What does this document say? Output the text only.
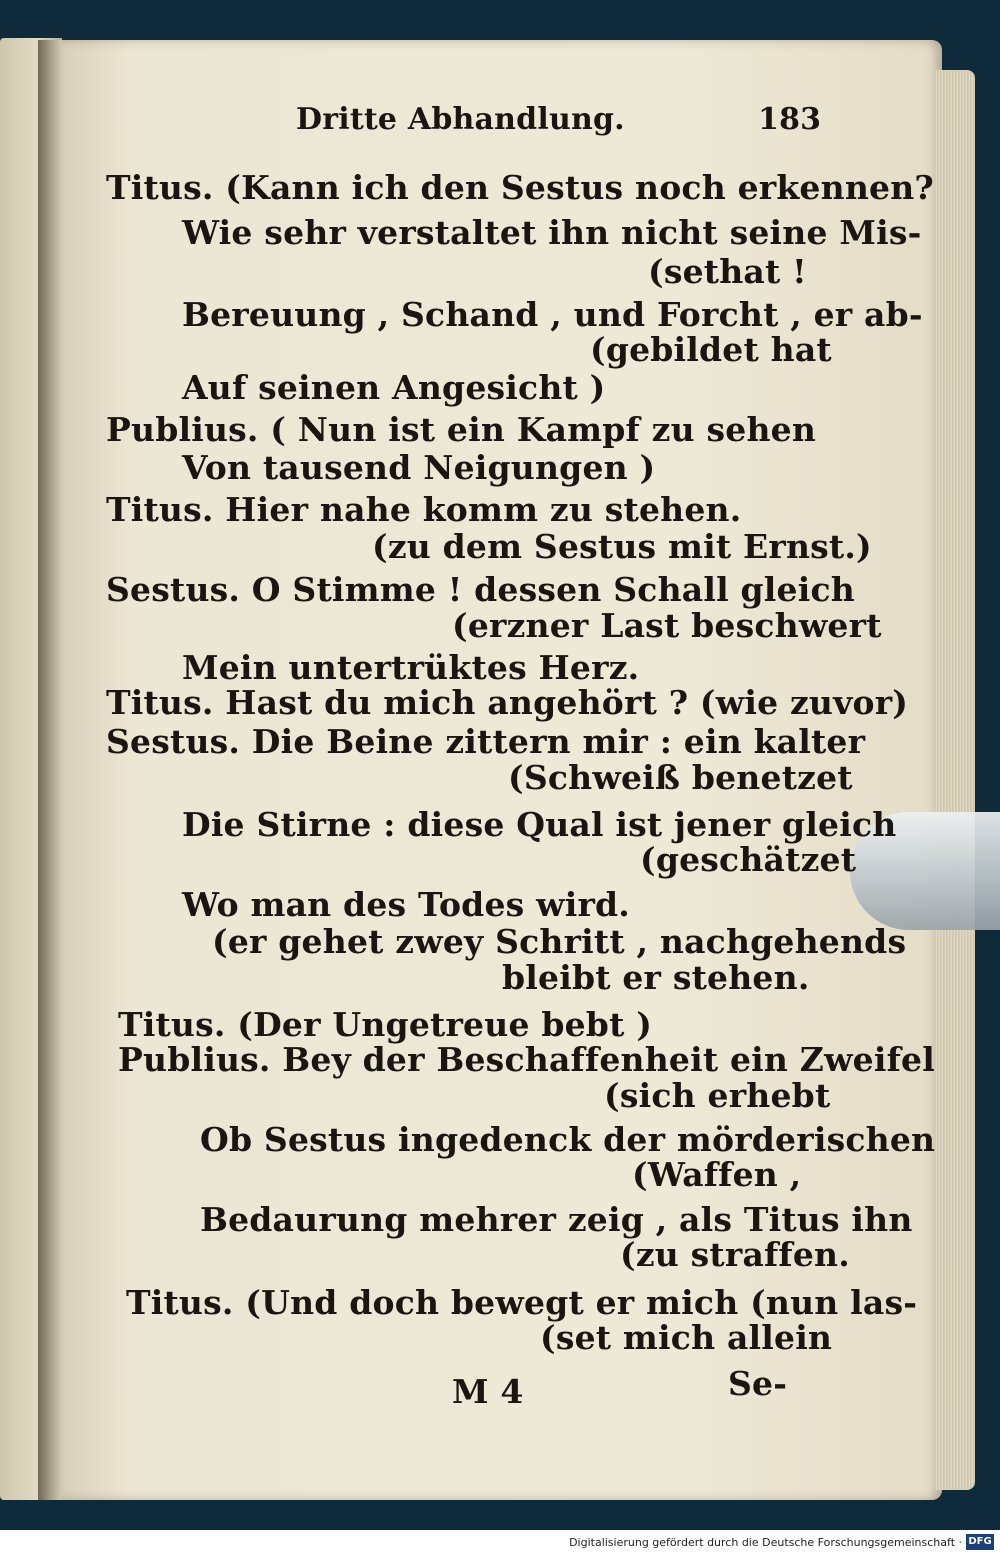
Dritte Abhandlung.	183
Titus. (Kann ich den Sestus noch erkennen?
Wie sehr verstaltet ihn nicht seine Mis-
(sethat !
Bereuung , Schand , und Forcht , er ab-
(gebildet hat
Auf seinen Angesicht )
Publius. ( Nun ist ein Kampf zu sehen
Von tausend Neigungen )
Titus. Hier nahe komm zu stehen.
(zu dem Sestus mit Ernst.)
Sestus. O Stimme ! dessen Schall gleich
(erzner Last beschwert
Mein untertrüktes Herz.
Titus. Hast du mich angehört ? (wie zuvor)
Sestus. Die Beine zittern mir : ein kalter
(Schweiß benetzet
Die Stirne : diese Qual ist jener gleich
(geschätzet
Wo man des Todes wird.
(er gehet zwey Schritt , nachgehends
bleibt er stehen.
Titus. (Der Ungetreue bebt )
Publius. Bey der Beschaffenheit ein Zweifel
(sich erhebt
Ob Sestus ingedenck der mörderischen
(Waffen ,
Bedaurung mehrer zeig , als Titus ihn
(zu straffen.
Titus. (Und doch bewegt er mich (nun las-
(set mich allein
M 4	Se-
Digitalisierung gefördert durch die Deutsche Forschungsgemeinschaft · DFG
